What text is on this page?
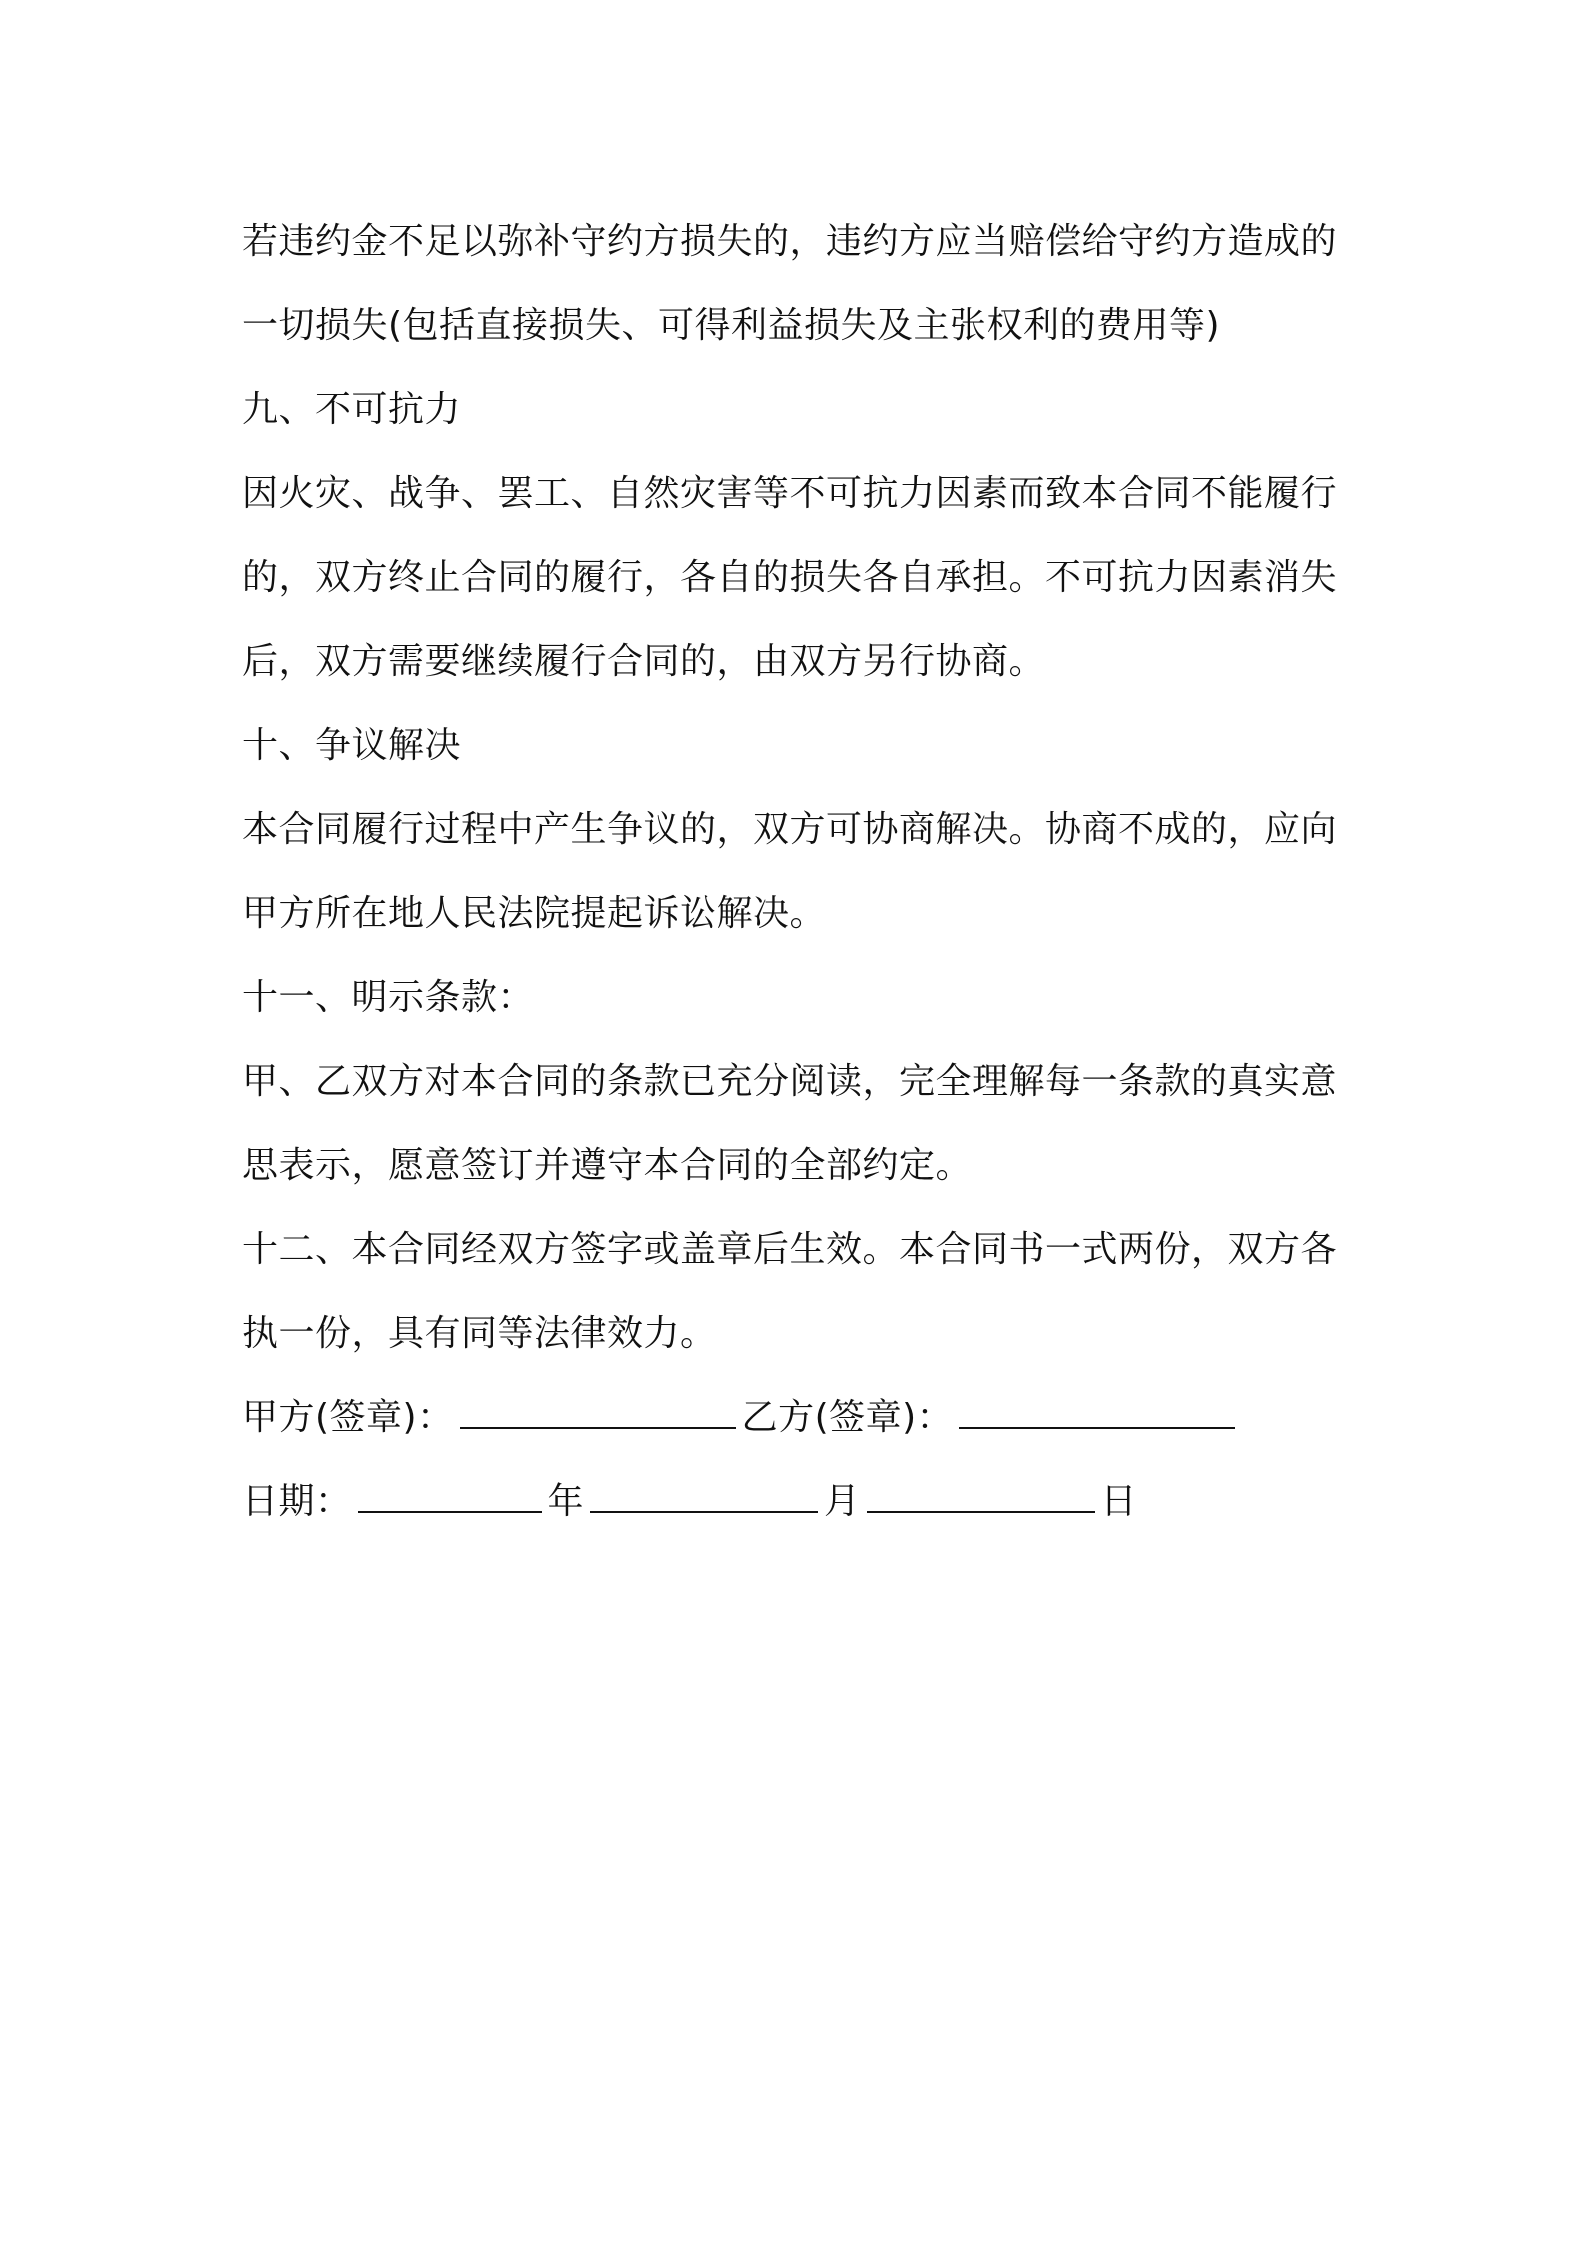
若违约金不足以弥补守约方损失的，违约方应当赔偿给守约方造成的
一切损失(包括直接损失、可得利益损失及主张权利的费用等)
九、不可抗力
因火灾、战争、罢工、自然灾害等不可抗力因素而致本合同不能履行
的，双方终止合同的履行，各自的损失各自承担。不可抗力因素消失
后，双方需要继续履行合同的，由双方另行协商。
十、争议解决
本合同履行过程中产生争议的，双方可协商解决。协商不成的，应向
甲方所在地人民法院提起诉讼解决。
十一、明示条款：
甲、乙双方对本合同的条款已充分阅读，完全理解每一条款的真实意
思表示，愿意签订并遵守本合同的全部约定。
十二、本合同经双方签字或盖章后生效。本合同书一式两份，双方各
执一份，具有同等法律效力。
甲方(签章)：	乙方(签章)：
日期：	年	月	日
